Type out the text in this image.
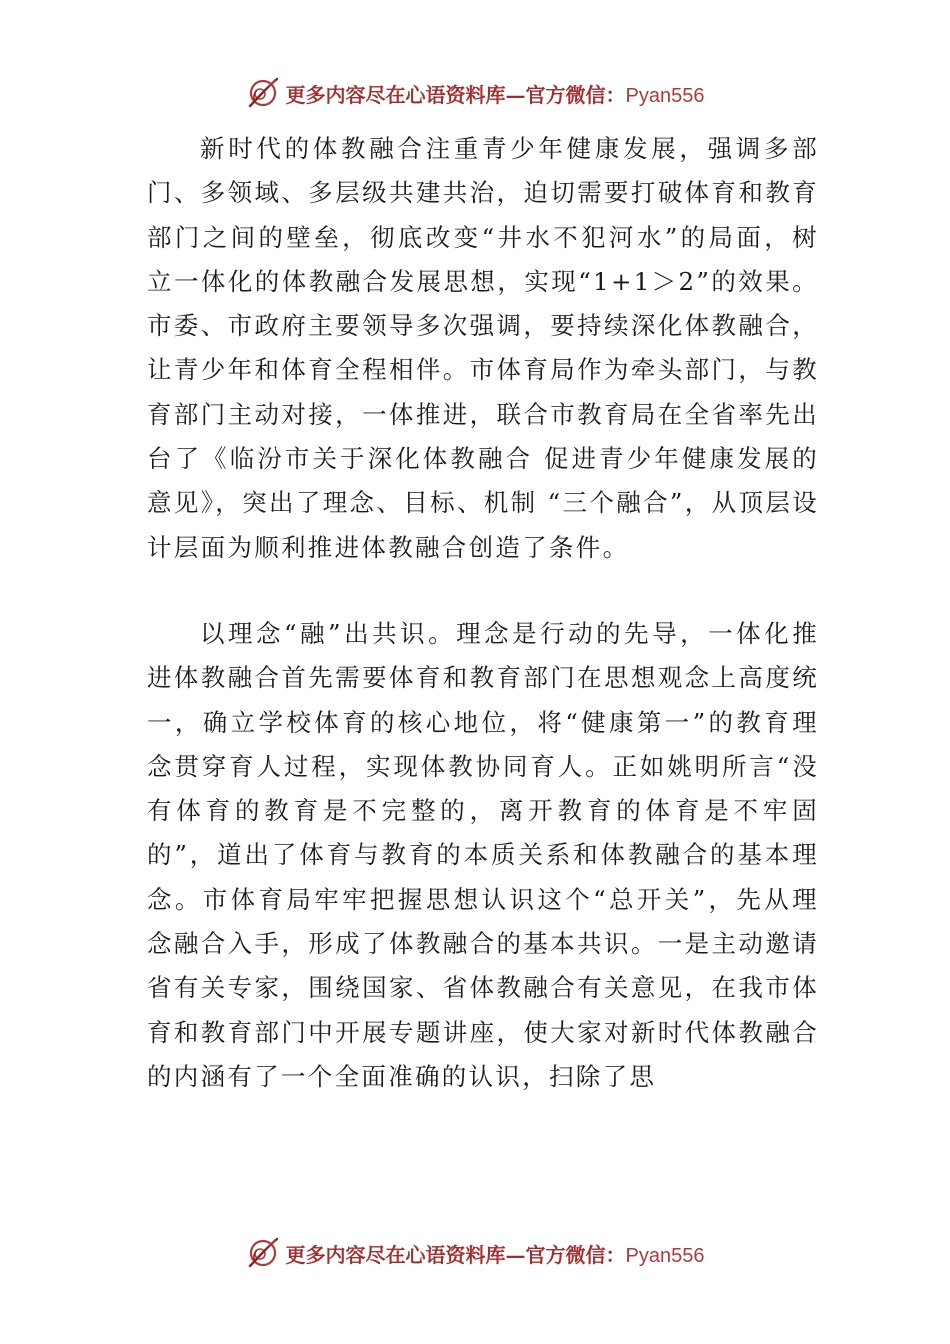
更多内容尽在心语资料库—官方微信：Pyan556

新时代的体教融合注重青少年健康发展，强调多部门、多领域、多层级共建共治，迫切需要打破体育和教育部门之间的壁垒，彻底改变“井水不犯河水”的局面，树立一体化的体教融合发展思想，实现“1+1＞2”的效果。市委、市政府主要领导多次强调，要持续深化体教融合，让青少年和体育全程相伴。市体育局作为牵头部门，与教育部门主动对接，一体推进，联合市教育局在全省率先出台了《临汾市关于深化体教融合 促进青少年健康发展的意见》，突出了理念、目标、机制 “三个融合”，从顶层设计层面为顺利推进体教融合创造了条件。

以理念“融”出共识。理念是行动的先导，一体化推进体教融合首先需要体育和教育部门在思想观念上高度统一，确立学校体育的核心地位，将“健康第一”的教育理念贯穿育人过程，实现体教协同育人。正如姚明所言“没有体育的教育是不完整的，离开教育的体育是不牢固的”，道出了体育与教育的本质关系和体教融合的基本理念。市体育局牢牢把握思想认识这个“总开关”，先从理念融合入手，形成了体教融合的基本共识。一是主动邀请省有关专家，围绕国家、省体教融合有关意见，在我市体育和教育部门中开展专题讲座，使大家对新时代体教融合的内涵有了一个全面准确的认识，扫除了思

更多内容尽在心语资料库—官方微信：Pyan556
